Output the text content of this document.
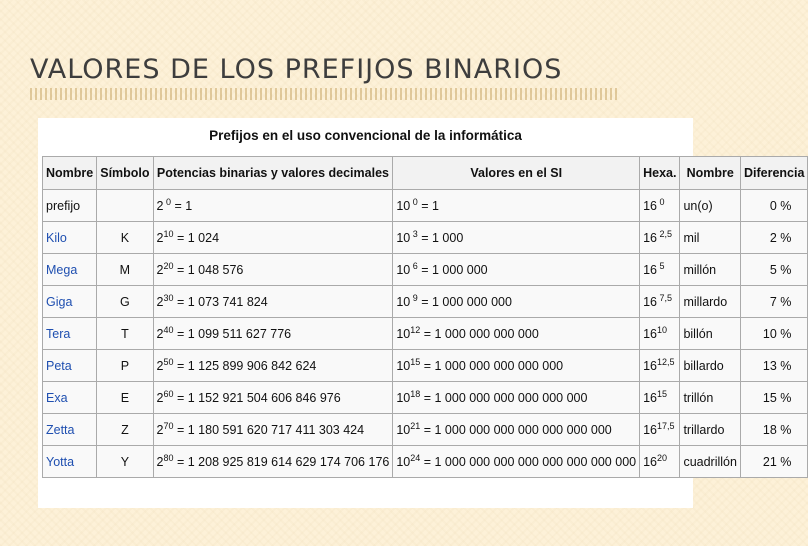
VALORES DE LOS PREFIJOS BINARIOS
Prefijos en el uso convencional de la informática
Nombre	Símbolo	Potencias binarias y valores decimales	Valores en el SI	Hexa.	Nombre	Diferencia
prefijo		2 $^0$ = 1	10 $^0$ = 1	16 $^0$	un(o)	0 %
Kilo	K	$2^{10} = 1$ 024	10 $^3$ = 1 000	16 $^{2,5}$	mil	2 %
Mega	M	$2^{20} = 1$ 048 576	10 $^6$ = 1 000 000	16 $^5$	millón	5 %
Giga	G	$2^{30} = 1$ 073 741 824	10 $^9$ = 1 000 000 000	16 $^{7,5}$	millardo	7 %
Tera	T	$2^{40} = 1$ 099 511 627 776	$10^{12} = 1$ 000 000 000 000	$16^{10}$	billón	10 %
Peta	P	$2^{50} = 1$ 125 899 906 842 624	$10^{15} = 1$ 000 000 000 000 000	16$^{12,5}$	billardo	13 %
Exa	E	$2^{60} = 1$ 152 921 504 606 846 976	$10^{18} = 1$ 000 000 000 000 000 000	$16^{15}$	trillón	15 %
Zetta	Z	$2^{70} = 1$ 180 591 620 717 411 303 424	$10^{21} = 1$ 000 000 000 000 000 000 000	16$^{17,5}$	trillardo	18 %
Yotta	Y	$2^{80} = 1$ 208 925 819 614 629 174 706 176	$10^{24} = 1$ 000 000 000 000 000 000 000 000	$16^{20}$	cuadrillón	21 %
